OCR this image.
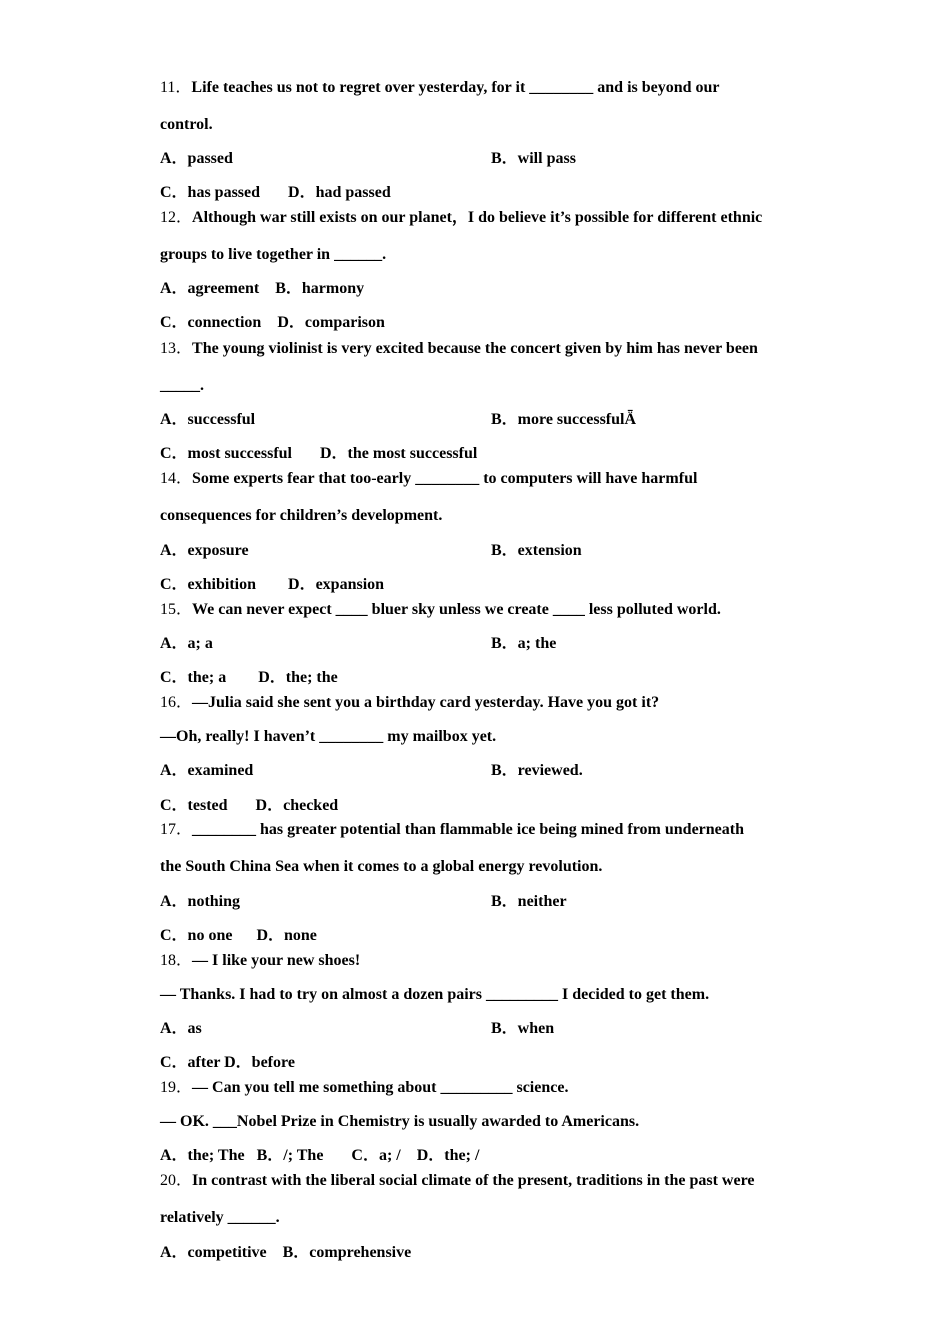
11．Life teaches us not to regret over yesterday, for it ________ and is beyond our
control.
A．passed	B．will pass
C．has passed       D．had passed
12．Although war still exists on our planet，I do believe it’s possible for different ethnic
groups to live together in ______.
A．agreement    B．harmony
C．connection    D．comparison
13．The young violinist is very excited because the concert given by him has never been
_____.
A．successful	B．more successfulǞ
C．most successful       D．the most successful
14．Some experts fear that too-early ________ to computers will have harmful
consequences for children’s development.
A．exposure	B．extension
C．exhibition        D．expansion
15．We can never expect ____ bluer sky unless we create ____ less polluted world.
A．a; a	B．a; the
C．the; a        D．the; the
16．—Julia said she sent you a birthday card yesterday. Have you got it?
—Oh, really! I haven’t ________ my mailbox yet.
A．examined	B．reviewed.
C．tested       D．checked
17．________ has greater potential than flammable ice being mined from underneath
the South China Sea when it comes to a global energy revolution.
A．nothing	B．neither
C．no one      D．none
18．— I like your new shoes!
— Thanks. I had to try on almost a dozen pairs _________ I decided to get them.
A．as	B．when
C．after D．before
19．— Can you tell me something about _________ science.
— OK. ___Nobel Prize in Chemistry is usually awarded to Americans.
A．the; The   B．/; The       C．a; /    D．the; /
20．In contrast with the liberal social climate of the present, traditions in the past were
relatively ______.
A．competitive    B．comprehensive
